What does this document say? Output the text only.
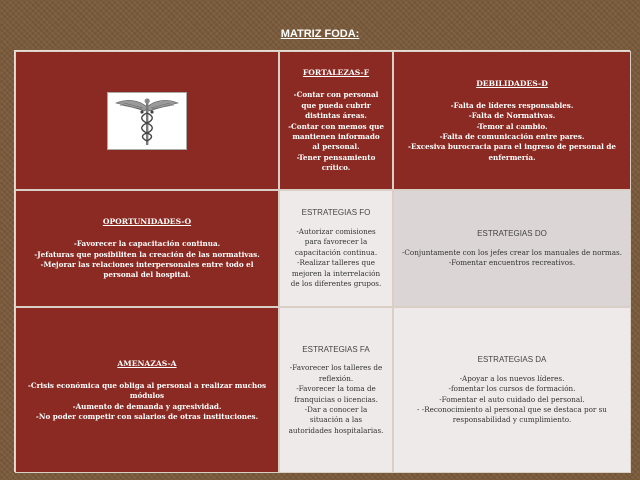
MATRIZ FODA:
FORTALEZAS-F
-Contar con personal que pueda cubrir distintas áreas.
-Contar con memos que mantienen informado al personal.
-Tener pensamiento crítico.
DEBILIDADES-D
-Falta de líderes responsables.
-Falta de Normativas.
-Temor al cambio.
-Falta de comunicación entre pares.
-Excesiva burocracia para el ingreso de personal de enfermería.
OPORTUNIDADES-O
-Favorecer la capacitación continua.
-Jefaturas que posibiliten la creación de las normativas.
-Mejorar las relaciones interpersonales entre todo el personal del hospital.
ESTRATEGIAS FO
-Autorizar comisiones para favorecer la capacitación continua.
-Realizar talleres que mejoren la interrelación de los diferentes grupos.
ESTRATEGIAS DO
-Conjuntamente con los jefes crear los manuales de normas.
-Fomentar encuentros recreativos.
AMENAZAS-A
-Crisis económica que obliga al personal a realizar muchos módulos
-Aumento de demanda y agresividad.
-No poder competir con salarios de otras instituciones.
ESTRATEGIAS FA
-Favorecer los talleres de reflexión.
-Favorecer la toma de franquicias o licencias.
-Dar a conocer la situación a las autoridades hospitalarias.
ESTRATEGIAS DA
-Apoyar a los nuevos líderes.
-fomentar los cursos de formación.
-Fomentar el auto cuidado del personal.
- -Reconocimiento al personal que se destaca por su responsabilidad y cumplimiento.
